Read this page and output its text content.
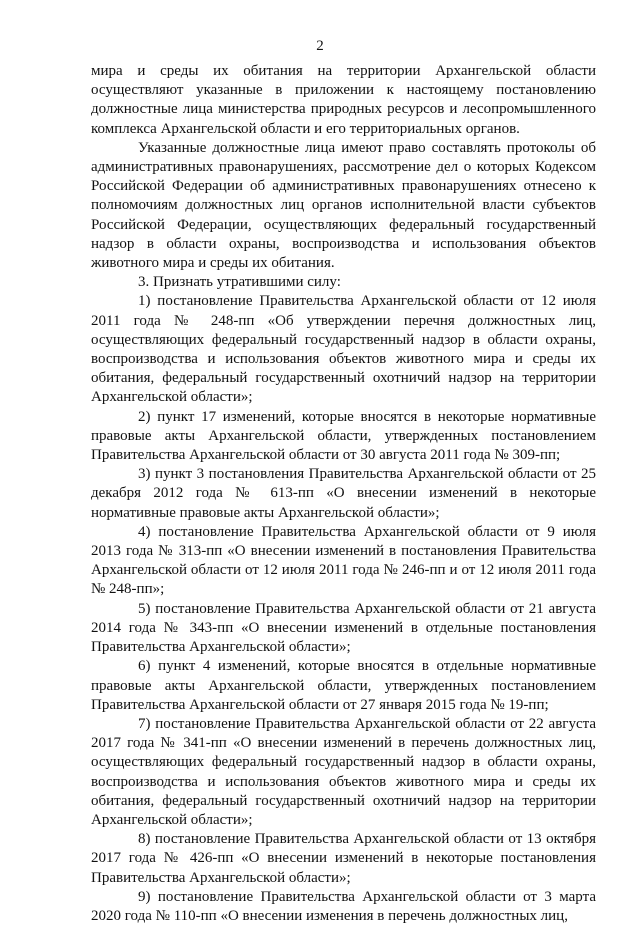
2

мира и среды их обитания на территории Архангельской области осуществляют указанные в приложении к настоящему постановлению должностные лица министерства природных ресурсов и лесопромышленного комплекса Архангельской области и его территориальных органов.

Указанные должностные лица имеют право составлять протоколы об административных правонарушениях, рассмотрение дел о которых Кодексом Российской Федерации об административных правонарушениях отнесено к полномочиям должностных лиц органов исполнительной власти субъектов Российской Федерации, осуществляющих федеральный государственный надзор в области охраны, воспроизводства и использования объектов животного мира и среды их обитания.

3. Признать утратившими силу:

1) постановление Правительства Архангельской области от 12 июля 2011 года № 248-пп «Об утверждении перечня должностных лиц, осуществляющих федеральный государственный надзор в области охраны, воспроизводства и использования объектов животного мира и среды их обитания, федеральный государственный охотничий надзор на территории Архангельской области»;

2) пункт 17 изменений, которые вносятся в некоторые нормативные правовые акты Архангельской области, утвержденных постановлением Правительства Архангельской области от 30 августа 2011 года № 309-пп;

3) пункт 3 постановления Правительства Архангельской области от 25 декабря 2012 года № 613-пп «О внесении изменений в некоторые нормативные правовые акты Архангельской области»;

4) постановление Правительства Архангельской области от 9 июля 2013 года № 313-пп «О внесении изменений в постановления Правительства Архангельской области от 12 июля 2011 года № 246-пп и от 12 июля 2011 года № 248-пп»;

5) постановление Правительства Архангельской области от 21 августа 2014 года № 343-пп «О внесении изменений в отдельные постановления Правительства Архангельской области»;

6) пункт 4 изменений, которые вносятся в отдельные нормативные правовые акты Архангельской области, утвержденных постановлением Правительства Архангельской области от 27 января 2015 года № 19-пп;

7) постановление Правительства Архангельской области от 22 августа 2017 года № 341-пп «О внесении изменений в перечень должностных лиц, осуществляющих федеральный государственный надзор в области охраны, воспроизводства и использования объектов животного мира и среды их обитания, федеральный государственный охотничий надзор на территории Архангельской области»;

8) постановление Правительства Архангельской области от 13 октября 2017 года № 426-пп «О внесении изменений в некоторые постановления Правительства Архангельской области»;

9) постановление Правительства Архангельской области от 3 марта 2020 года № 110-пп «О внесении изменения в перечень должностных лиц,
